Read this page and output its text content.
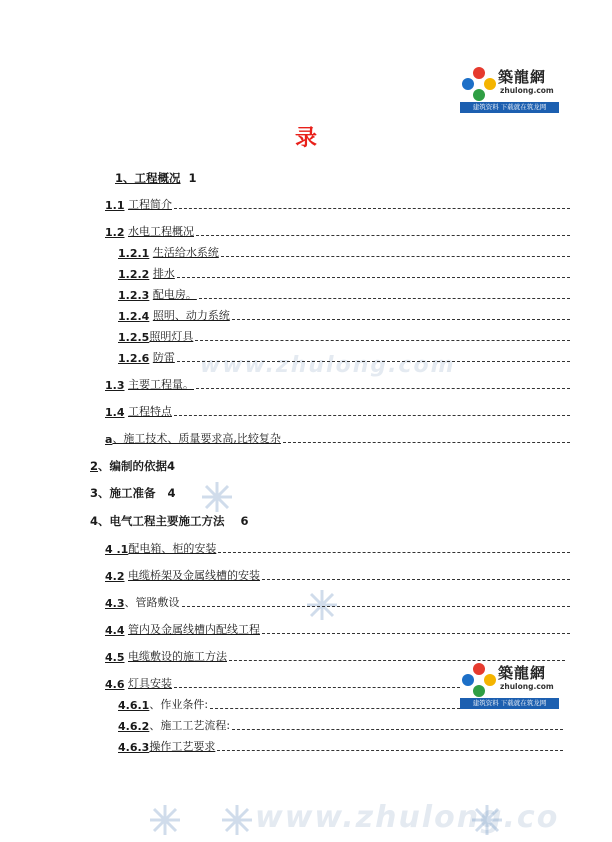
www.zhulong.com
www.zhulong.co
築龍網
zhulong.com
建筑资料 下载就在筑龙网
築龍網
zhulong.com
建筑资料 下载就在筑龙网
录
1、工程概况 1
1.1
工程简介
1.2
水电工程概况
1.2.1
生活给水系统
1.2.2
排水
1.2.3
配电房。
1.2.4
照明、动力系统
1.2.5 照明灯具
1.2.6
防雷
1.3
主要工程量。
1.4
工程特点
a 、施工技术、质量要求高,比较复杂
2、编制的依据4
3、施工准备 4
4、电气工程主要施工方法 6
4 .1 配电箱、柜的安装
4.2
电缆桥架及金属线槽的安装
4.3 、管路敷设
4.4
管内及金属线槽内配线工程
4.5
电缆敷设的施工方法
4.6
灯具安装
4.6.1 、作业条件:
4.6.2 、施工工艺流程:
4.6.3 操作工艺要求
